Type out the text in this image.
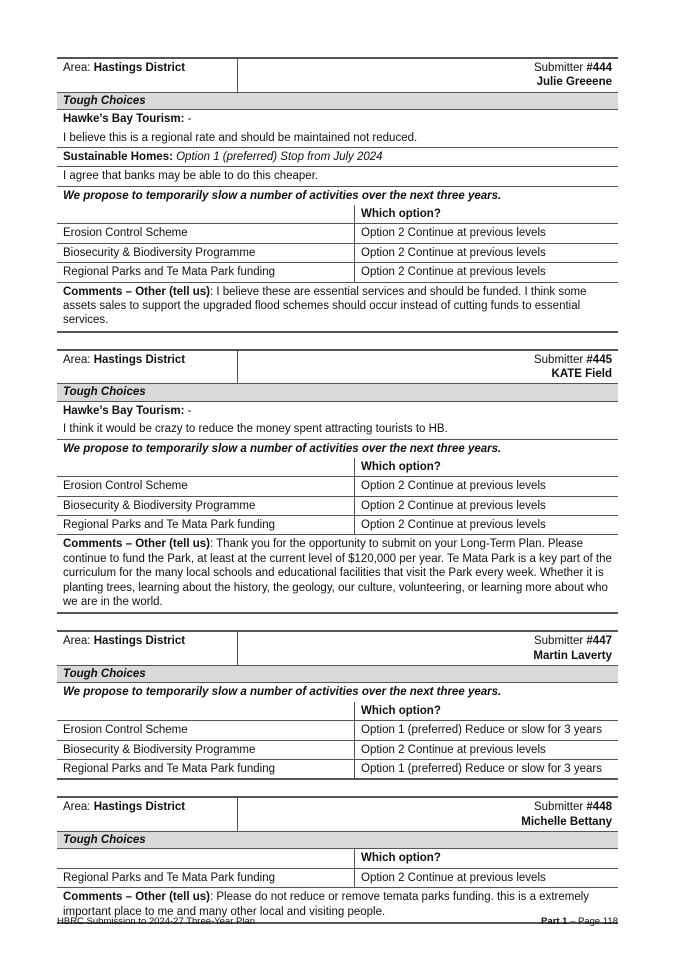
Area: Hastings District	Submitter #444
Julie Greeene
Tough Choices
Hawke’s Bay Tourism: -
I believe this is a regional rate and should be maintained not reduced.
Sustainable Homes: Option 1 (preferred) Stop from July 2024
I agree that banks may be able to do this cheaper.
We propose to temporarily slow a number of activities over the next three years.
Which option?
Erosion Control Scheme	Option 2 Continue at previous levels
Biosecurity & Biodiversity Programme	Option 2 Continue at previous levels
Regional Parks and Te Mata Park funding	Option 2 Continue at previous levels
Comments – Other (tell us): I believe these are essential services and should be funded. I think some assets sales to support the upgraded flood schemes should occur instead of cutting funds to essential services.
Area: Hastings District	Submitter #445
KATE Field
Tough Choices
Hawke’s Bay Tourism: -
I think it would be crazy to reduce the money spent attracting tourists to HB.
We propose to temporarily slow a number of activities over the next three years.
Which option?
Erosion Control Scheme	Option 2 Continue at previous levels
Biosecurity & Biodiversity Programme	Option 2 Continue at previous levels
Regional Parks and Te Mata Park funding	Option 2 Continue at previous levels
Comments – Other (tell us): Thank you for the opportunity to submit on your Long-Term Plan. Please continue to fund the Park, at least at the current level of $120,000 per year. Te Mata Park is a key part of the curriculum for the many local schools and educational facilities that visit the Park every week. Whether it is planting trees, learning about the history, the geology, our culture, volunteering, or learning more about who we are in the world.
Area: Hastings District	Submitter #447
Martin Laverty
Tough Choices
We propose to temporarily slow a number of activities over the next three years.
Which option?
Erosion Control Scheme	Option 1 (preferred) Reduce or slow for 3 years
Biosecurity & Biodiversity Programme	Option 2 Continue at previous levels
Regional Parks and Te Mata Park funding	Option 1 (preferred) Reduce or slow for 3 years
Area: Hastings District	Submitter #448
Michelle Bettany
Tough Choices
Which option?
Regional Parks and Te Mata Park funding	Option 2 Continue at previous levels
Comments – Other (tell us): Please do not reduce or remove temata parks funding. this is a extremely important place to me and many other local and visiting people.
HBRC Submission to 2024-27 Three-Year Plan	Part 1 – Page 118
